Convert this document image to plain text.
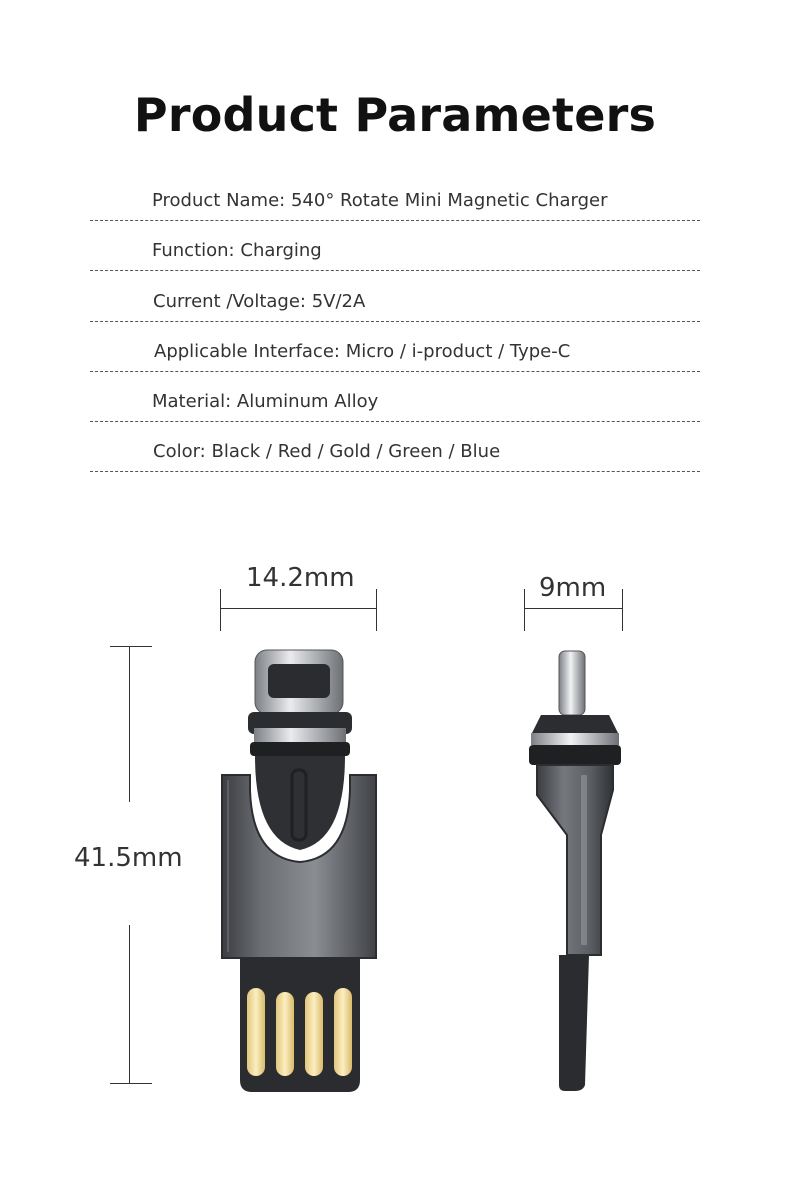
Product Parameters
Product Name: 540° Rotate Mini Magnetic Charger
Function: Charging
Current /Voltage: 5V/2A
Applicable Interface: Micro / i-product / Type-C
Material: Aluminum Alloy
Color: Black / Red / Gold / Green / Blue
14.2mm	9mm
41.5mm
